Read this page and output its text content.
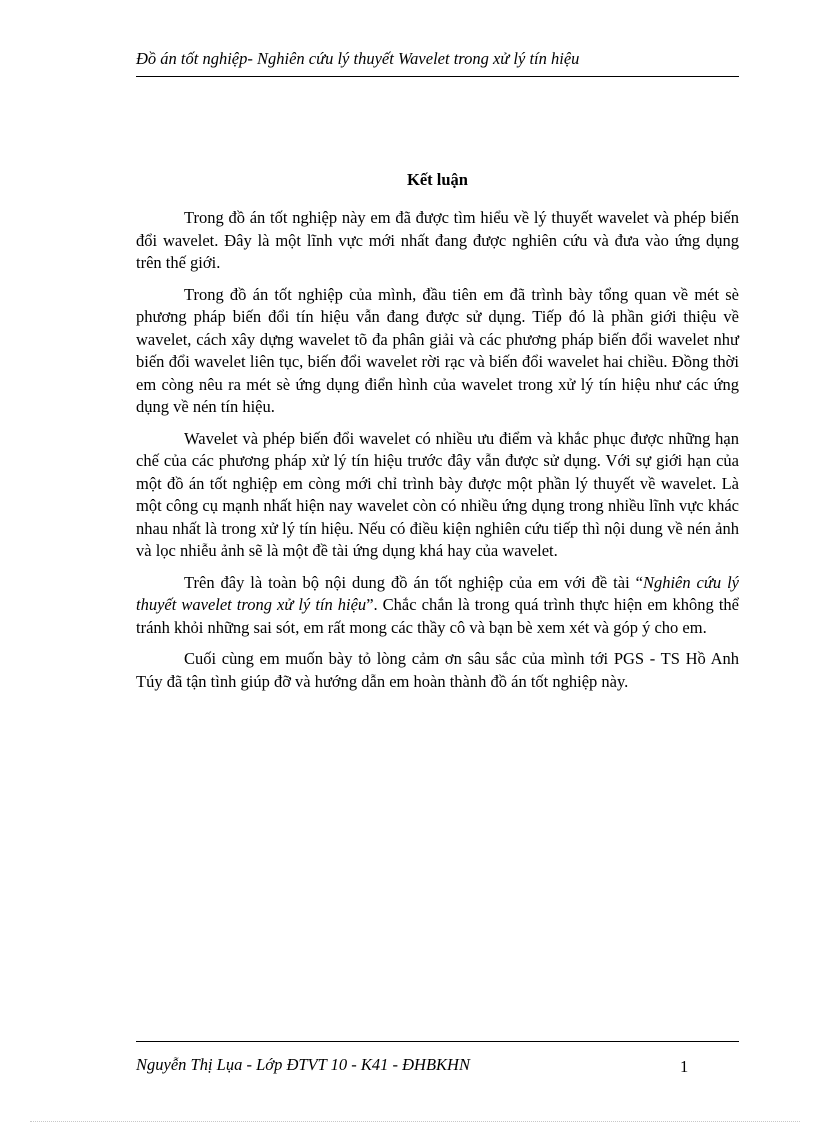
Đồ án tốt nghiệp- Nghiên cứu lý thuyết Wavelet trong xử lý tín hiệu
Kết luận

Trong đồ án tốt nghiệp này em đã được tìm hiểu về lý thuyết wavelet và phép biến đổi wavelet. Đây là một lĩnh vực mới nhất đang được nghiên cứu và đưa vào ứng dụng trên thế giới.

Trong đồ án tốt nghiệp của mình, đầu tiên em đã trình bày tổng quan về mét sè phương pháp biến đổi tín hiệu vẫn đang được sử dụng. Tiếp đó là phần giới thiệu về wavelet, cách xây dựng wavelet tõ đa phân giải và các phương pháp biến đổi wavelet như biến đổi wavelet liên tục, biến đổi wavelet rời rạc và biến đổi wavelet hai chiều. Đồng thời em còng nêu ra mét sè ứng dụng điển hình của wavelet trong xử lý tín hiệu như các ứng dụng về nén tín hiệu.

Wavelet và phép biến đổi wavelet có nhiều ưu điểm và khắc phục được những hạn chế của các phương pháp xử lý tín hiệu trước đây vẫn được sử dụng. Với sự giới hạn của một đồ án tốt nghiệp em còng mới chỉ trình bày được một phần lý thuyết về wavelet. Là một công cụ mạnh nhất hiện nay wavelet còn có nhiều ứng dụng trong nhiều lĩnh vực khác nhau nhất là trong xử lý tín hiệu. Nếu có điều kiện nghiên cứu tiếp thì nội dung về nén ảnh và lọc nhiễu ảnh sẽ là một đề tài ứng dụng khá hay của wavelet.

Trên đây là toàn bộ nội dung đồ án tốt nghiệp của em với đề tài “Nghiên cứu lý thuyết wavelet trong xử lý tín hiệu”. Chắc chắn là trong quá trình thực hiện em không thể tránh khỏi những sai sót, em rất mong các thầy cô và bạn bè xem xét và góp ý cho em.

Cuối cùng em muốn bày tỏ lòng cảm ơn sâu sắc của mình tới PGS - TS Hồ Anh Túy đã tận tình giúp đỡ và hướng dẫn em hoàn thành đồ án tốt nghiệp này.

Nguyễn Thị Lụa - Lớp ĐTVT 10 - K41 - ĐHBKHN	1
